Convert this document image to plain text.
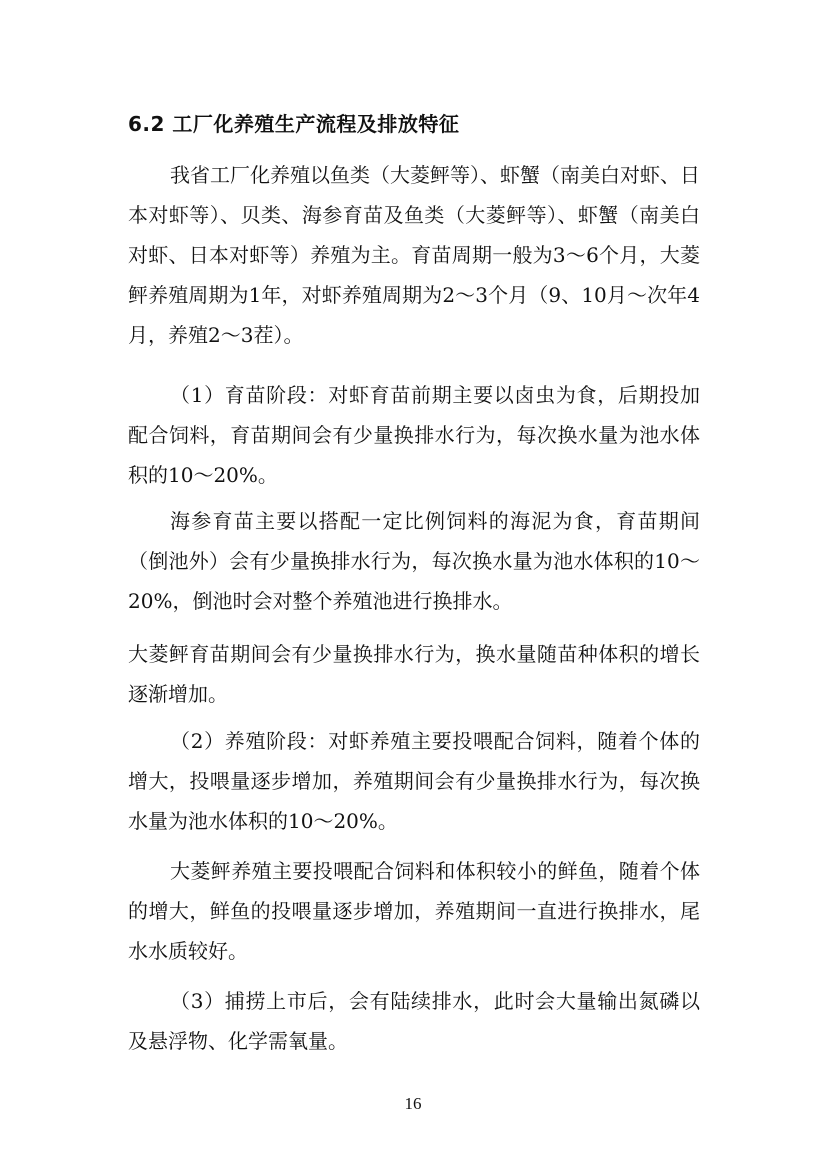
6.2 工厂化养殖生产流程及排放特征

我省工厂化养殖以鱼类（大菱鲆等）、虾蟹（南美白对虾、日本对虾等）、贝类、海参育苗及鱼类（大菱鲆等）、虾蟹（南美白对虾、日本对虾等）养殖为主。育苗周期一般为3～6个月，大菱鲆养殖周期为1年，对虾养殖周期为2～3个月（9、10月～次年4月，养殖2～3茬）。

（1）育苗阶段：对虾育苗前期主要以卤虫为食，后期投加配合饲料，育苗期间会有少量换排水行为，每次换水量为池水体积的10～20%。

海参育苗主要以搭配一定比例饲料的海泥为食，育苗期间（倒池外）会有少量换排水行为，每次换水量为池水体积的10～20%，倒池时会对整个养殖池进行换排水。

大菱鲆育苗期间会有少量换排水行为，换水量随苗种体积的增长逐渐增加。

（2）养殖阶段：对虾养殖主要投喂配合饲料，随着个体的增大，投喂量逐步增加，养殖期间会有少量换排水行为，每次换水量为池水体积的10～20%。

大菱鲆养殖主要投喂配合饲料和体积较小的鲜鱼，随着个体的增大，鲜鱼的投喂量逐步增加，养殖期间一直进行换排水，尾水水质较好。

（3）捕捞上市后，会有陆续排水，此时会大量输出氮磷以及悬浮物、化学需氧量。

16
